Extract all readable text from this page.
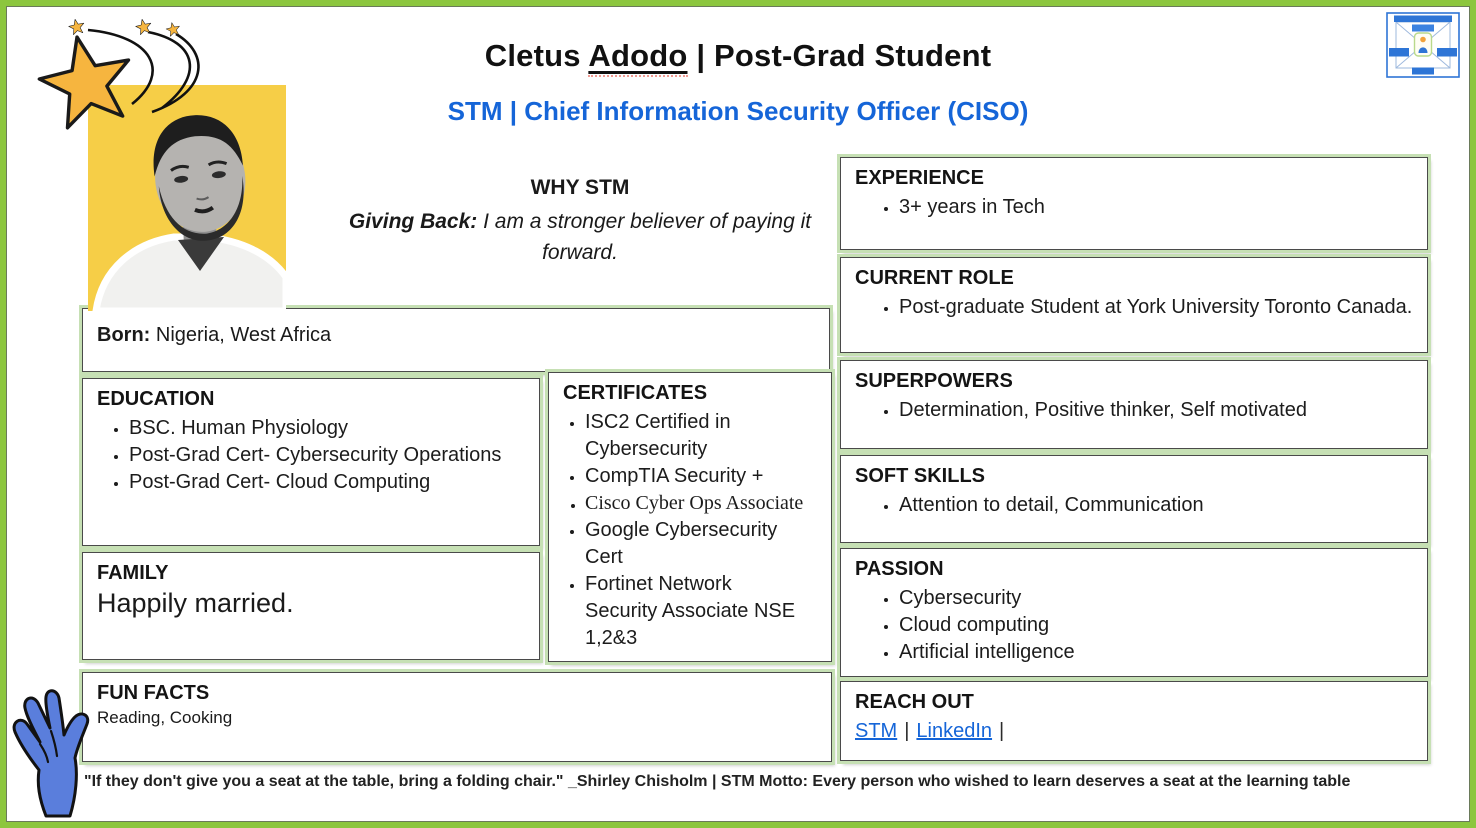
Cletus Adodo | Post-Grad Student
STM | Chief Information Security Officer (CISO)
WHY STM
Giving Back: I am a stronger believer of paying it forward.
Born: Nigeria, West Africa
EDUCATION
• BSC. Human Physiology
• Post-Grad Cert- Cybersecurity Operations
• Post-Grad Cert- Cloud Computing
CERTIFICATES
• ISC2 Certified in Cybersecurity
• CompTIA Security +
• Cisco Cyber Ops Associate
• Google Cybersecurity Cert
• Fortinet Network Security Associate NSE 1,2&3
FAMILY
Happily married.
FUN FACTS
Reading, Cooking
EXPERIENCE
• 3+ years in Tech
CURRENT ROLE
• Post-graduate Student at York University Toronto Canada.
SUPERPOWERS
• Determination, Positive thinker, Self motivated
SOFT SKILLS
• Attention to detail, Communication
PASSION
• Cybersecurity
• Cloud computing
• Artificial intelligence
REACH OUT
STM | LinkedIn |
"If they don't give you a seat at the table, bring a folding chair." _Shirley Chisholm | STM Motto: Every person who wished to learn deserves a seat at the learning table
